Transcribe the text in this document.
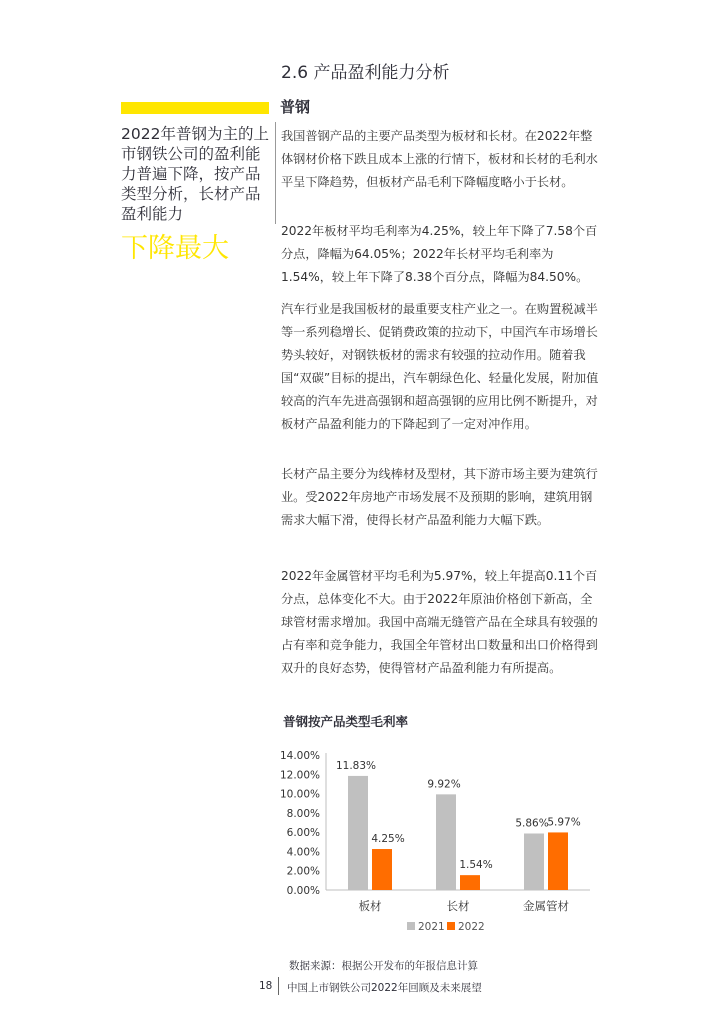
2.6 产品盈利能力分析
普钢
2022年普钢为主的上市钢铁公司的盈利能力普遍下降，按产品类型分析，长材产品盈利能力
下降最大
我国普钢产品的主要产品类型为板材和长材。在2022年整体钢材价格下跌且成本上涨的行情下，板材和长材的毛利水平呈下降趋势，但板材产品毛利下降幅度略小于长材。
2022年板材平均毛利率为4.25%，较上年下降了7.58个百分点，降幅为64.05%；2022年长材平均毛利率为1.54%，较上年下降了8.38个百分点，降幅为84.50%。
汽车行业是我国板材的最重要支柱产业之一。在购置税减半等一系列稳增长、促销费政策的拉动下，中国汽车市场增长势头较好，对钢铁板材的需求有较强的拉动作用。随着我国“双碳”目标的提出，汽车朝绿色化、轻量化发展，附加值较高的汽车先进高强钢和超高强钢的应用比例不断提升，对板材产品盈利能力的下降起到了一定对冲作用。
长材产品主要分为线棒材及型材，其下游市场主要为建筑行业。受2022年房地产市场发展不及预期的影响，建筑用钢需求大幅下滑，使得长材产品盈利能力大幅下跌。
2022年金属管材平均毛利为5.97%，较上年提高0.11个百分点，总体变化不大。由于2022年原油价格创下新高，全球管材需求增加。我国中高端无缝管产品在全球具有较强的占有率和竞争能力，我国全年管材出口数量和出口价格得到双升的良好态势，使得管材产品盈利能力有所提高。
普钢按产品类型毛利率
0.00%
2.00%
4.00%
6.00%
8.00%
10.00%
12.00%
14.00%
11.83%
4.25%
板材
9.92%
1.54%
长材
5.86%
5.97%
金属管材
2021 2022
数据来源：根据公开发布的年报信息计算
18 中国上市钢铁公司2022年回顾及未来展望
